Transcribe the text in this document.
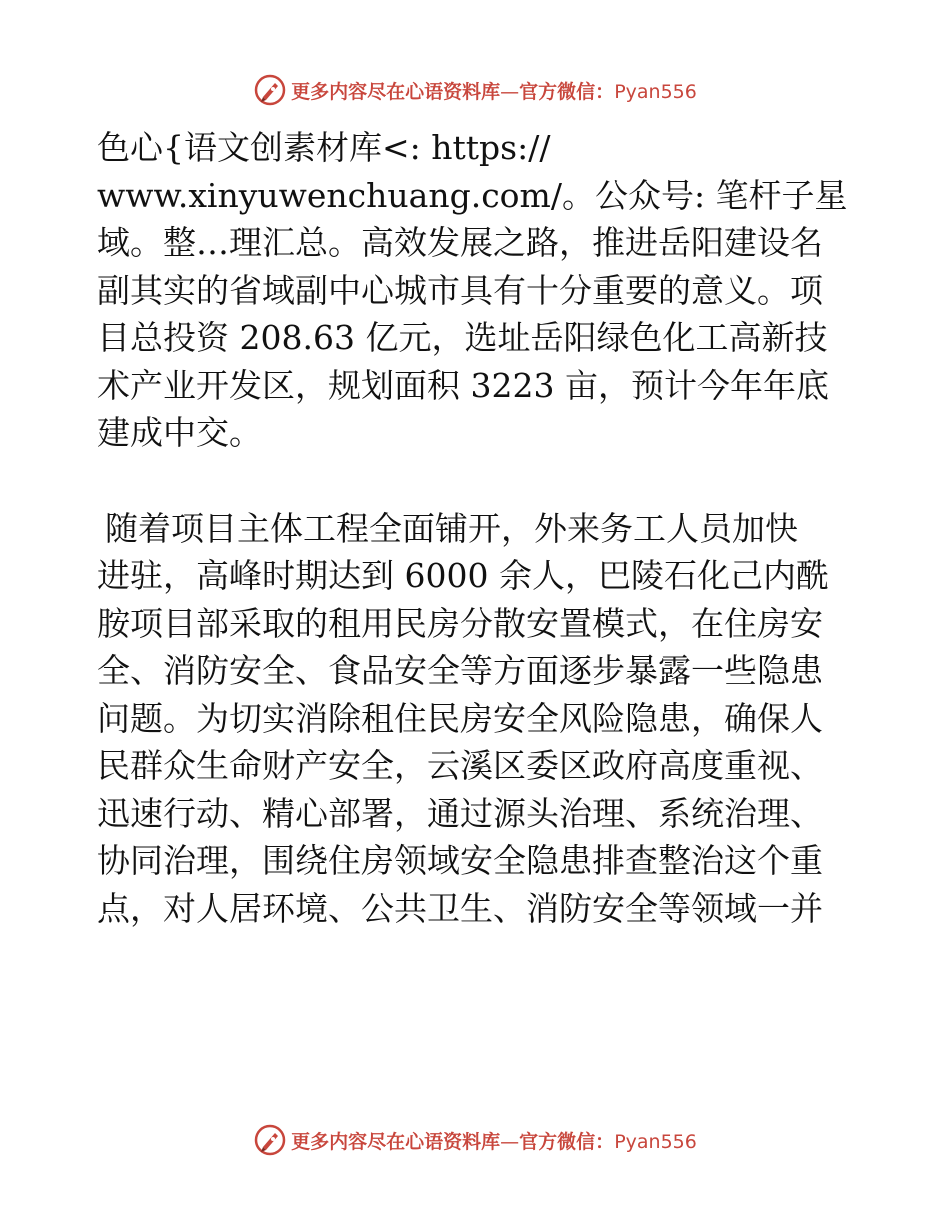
更多内容尽在心语资料库—官方微信：Pyan556
色心{语文创素材库<: https://
www.xinyuwenchuang.com/。公众号: 笔杆子星
域。整…理汇总。高效发展之路，推进岳阳建设名
副其实的省域副中心城市具有十分重要的意义。项
目总投资 208.63 亿元，选址岳阳绿色化工高新技
术产业开发区，规划面积 3223 亩，预计今年年底
建成中交。
随着项目主体工程全面铺开，外来务工人员加快
进驻，高峰时期达到 6000 余人，巴陵石化己内酰
胺项目部采取的租用民房分散安置模式，在住房安
全、消防安全、食品安全等方面逐步暴露一些隐患
问题。为切实消除租住民房安全风险隐患，确保人
民群众生命财产安全，云溪区委区政府高度重视、
迅速行动、精心部署，通过源头治理、系统治理、
协同治理，围绕住房领域安全隐患排查整治这个重
点，对人居环境、公共卫生、消防安全等领域一并
更多内容尽在心语资料库—官方微信：Pyan556
